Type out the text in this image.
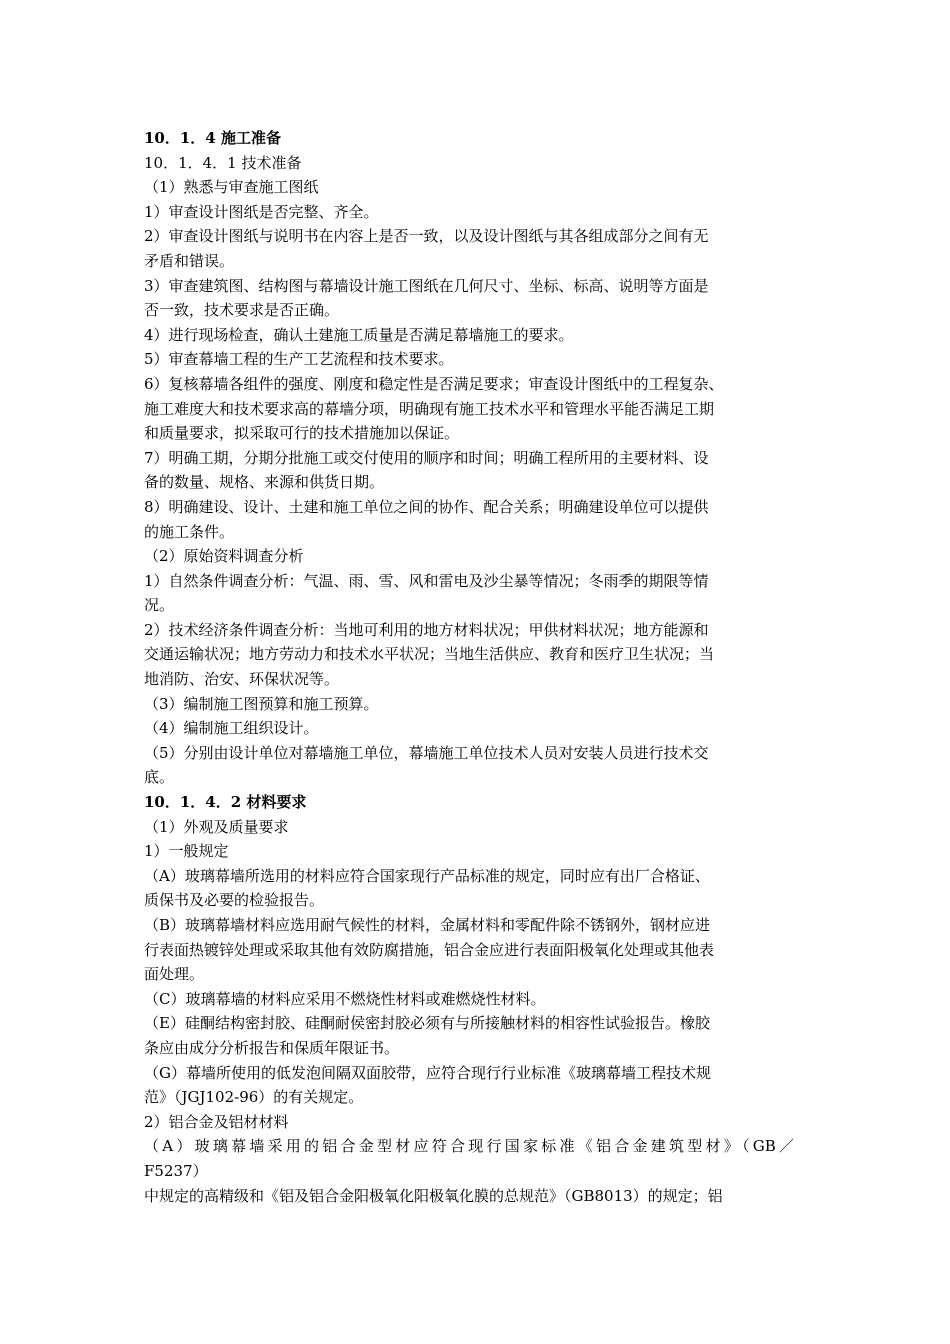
10．1．4 施工准备
10．1．4．1 技术准备
（1）熟悉与审查施工图纸
1）审查设计图纸是否完整、齐全。
2）审查设计图纸与说明书在内容上是否一致，以及设计图纸与其各组成部分之间有无
矛盾和错误。
3）审查建筑图、结构图与幕墙设计施工图纸在几何尺寸、坐标、标高、说明等方面是
否一致，技术要求是否正确。
4）进行现场检查，确认土建施工质量是否满足幕墙施工的要求。
5）审查幕墙工程的生产工艺流程和技术要求。
6）复核幕墙各组件的强度、刚度和稳定性是否满足要求；审查设计图纸中的工程复杂、
施工难度大和技术要求高的幕墙分项，明确现有施工技术水平和管理水平能否满足工期
和质量要求，拟采取可行的技术措施加以保证。
7）明确工期，分期分批施工或交付使用的顺序和时间；明确工程所用的主要材料、设
备的数量、规格、来源和供货日期。
8）明确建设、设计、土建和施工单位之间的协作、配合关系；明确建设单位可以提供
的施工条件。
（2）原始资料调查分析
1）自然条件调查分析：气温、雨、雪、风和雷电及沙尘暴等情况；冬雨季的期限等情
况。
2）技术经济条件调查分析：当地可利用的地方材料状况；甲供材料状况；地方能源和
交通运输状况；地方劳动力和技术水平状况；当地生活供应、教育和医疗卫生状况；当
地消防、治安、环保状况等。
（3）编制施工图预算和施工预算。
（4）编制施工组织设计。
（5）分别由设计单位对幕墙施工单位，幕墙施工单位技术人员对安装人员进行技术交
底。
10．1．4．2 材料要求
（1）外观及质量要求
1）一般规定
（A）玻璃幕墙所选用的材料应符合国家现行产品标准的规定，同时应有出厂合格证、
质保书及必要的检验报告。
（B）玻璃幕墙材料应选用耐气候性的材料，金属材料和零配件除不锈钢外，钢材应进
行表面热镀锌处理或采取其他有效防腐措施，铝合金应进行表面阳极氧化处理或其他表
面处理。
（C）玻璃幕墙的材料应采用不燃烧性材料或难燃烧性材料。
（E）硅酮结构密封胶、硅酮耐侯密封胶必须有与所接触材料的相容性试验报告。橡胶
条应由成分分析报告和保质年限证书。
（G）幕墙所使用的低发泡间隔双面胶带，应符合现行行业标准《玻璃幕墙工程技术规
范》（JGJ102-96）的有关规定。
2）铝合金及铝材材料
（A）玻璃幕墙采用的铝合金型材应符合现行国家标准《铝合金建筑型材》（GB／
F5237）
中规定的高精级和《铝及铝合金阳极氧化阳极氧化膜的总规范》（GB8013）的规定；铝
